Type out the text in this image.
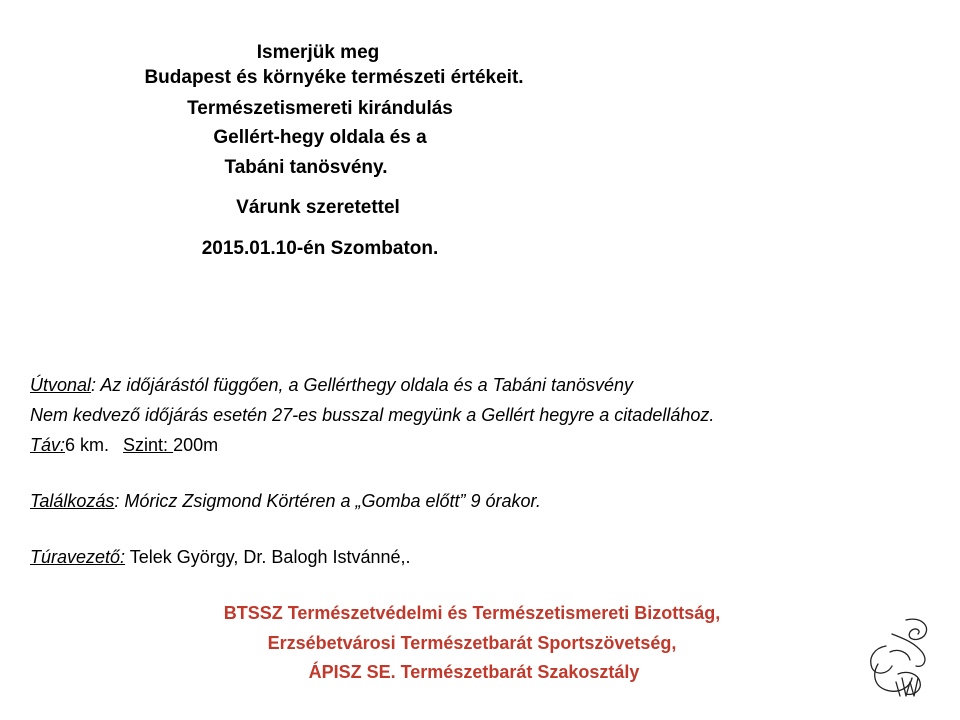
Ismerjük meg
Budapest és környéke természeti értékeit.
Természetismereti kirándulás
Gellért-hegy oldala és a
Tabáni tanösvény.
Várunk szeretettel
2015.01.10-én Szombaton.
Útvonal: Az időjárástól függően, a Gellérthegy oldala és a Tabáni tanösvény
Nem kedvező időjárás esetén 27-es busszal megyünk a Gellért hegyre a citadellához.
Táv:6 km. Szint: 200m
Találkozás: Móricz Zsigmond Körtéren a „Gomba előtt” 9 órakor.
Túravezető: Telek György, Dr. Balogh Istvánné,.
BTSSZ Természetvédelmi és Természetismereti Bizottság,
Erzsébetvárosi Természetbarát Sportszövetség,
ÁPISZ SE. Természetbarát Szakosztály
